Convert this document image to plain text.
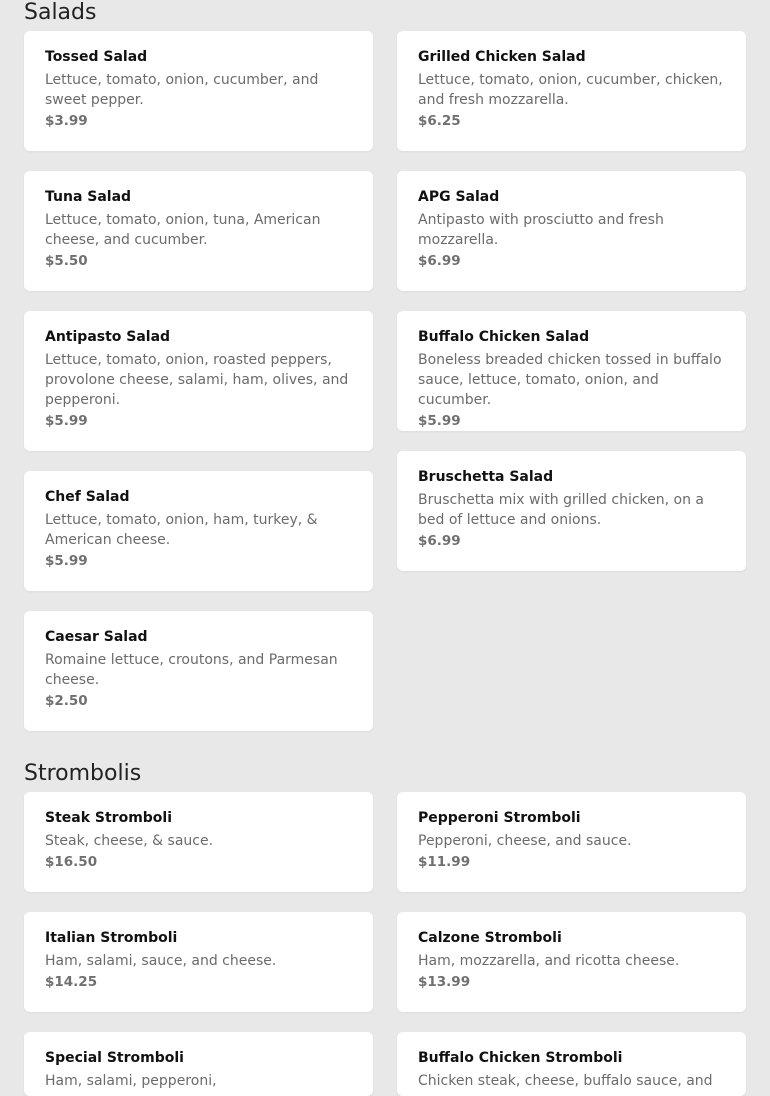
Salads
Tossed Salad
Lettuce, tomato, onion, cucumber, and sweet pepper.
$3.99
Grilled Chicken Salad
Lettuce, tomato, onion, cucumber, chicken, and fresh mozzarella.
$6.25
Tuna Salad
Lettuce, tomato, onion, tuna, American cheese, and cucumber.
$5.50
APG Salad
Antipasto with prosciutto and fresh mozzarella.
$6.99
Antipasto Salad
Lettuce, tomato, onion, roasted peppers, provolone cheese, salami, ham, olives, and pepperoni.
$5.99
Buffalo Chicken Salad
Boneless breaded chicken tossed in buffalo sauce, lettuce, tomato, onion, and cucumber.
$5.99
Chef Salad
Lettuce, tomato, onion, ham, turkey, & American cheese.
$5.99
Bruschetta Salad
Bruschetta mix with grilled chicken, on a bed of lettuce and onions.
$6.99
Caesar Salad
Romaine lettuce, croutons, and Parmesan cheese.
$2.50
Strombolis
Steak Stromboli
Steak, cheese, & sauce.
$16.50
Pepperoni Stromboli
Pepperoni, cheese, and sauce.
$11.99
Italian Stromboli
Ham, salami, sauce, and cheese.
$14.25
Calzone Stromboli
Ham, mozzarella, and ricotta cheese.
$13.99
Special Stromboli
Ham, salami, pepperoni,
Buffalo Chicken Stromboli
Chicken steak, cheese, buffalo sauce, and
